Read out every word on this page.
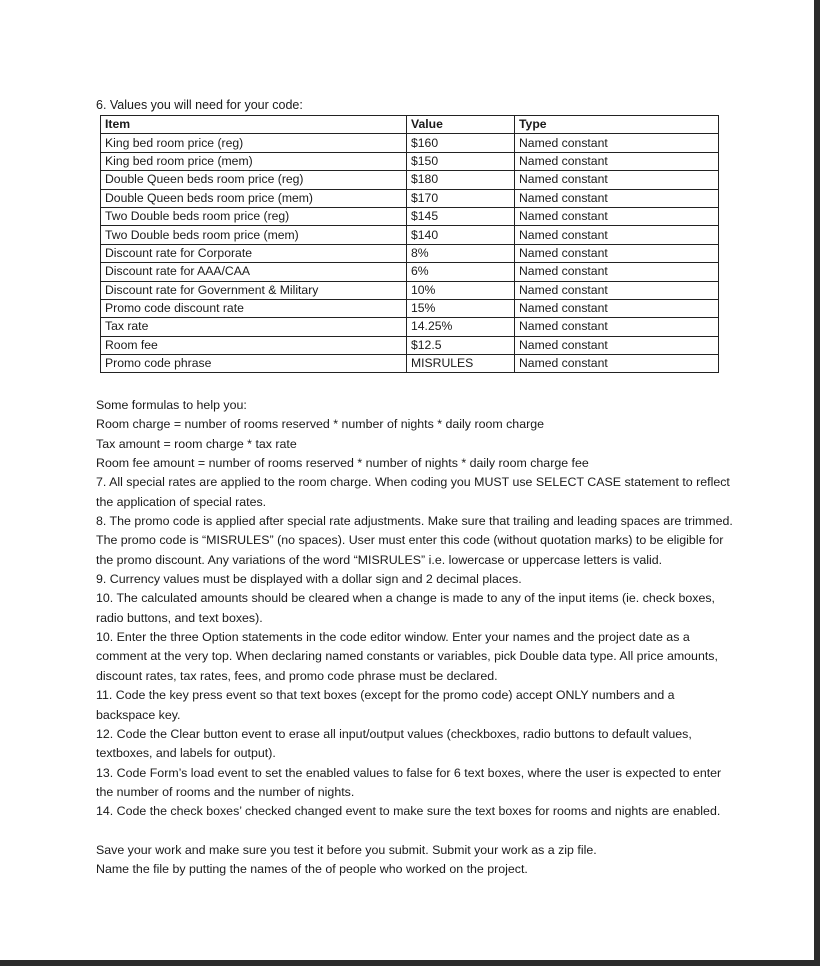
6. Values you will need for your code:
Item	Value	Type
King bed room price (reg)	$160	Named constant
King bed room price (mem)	$150	Named constant
Double Queen beds room price (reg)	$180	Named constant
Double Queen beds room price (mem)	$170	Named constant
Two Double beds room price (reg)	$145	Named constant
Two Double beds room price (mem)	$140	Named constant
Discount rate for Corporate	8%	Named constant
Discount rate for AAA/CAA	6%	Named constant
Discount rate for Government & Military	10%	Named constant
Promo code discount rate	15%	Named constant
Tax rate	14.25%	Named constant
Room fee	$12.5	Named constant
Promo code phrase	MISRULES	Named constant

Some formulas to help you:

Room charge = number of rooms reserved * number of nights * daily room charge

Tax amount = room charge * tax rate

Room fee amount = number of rooms reserved * number of nights * daily room charge fee

7. All special rates are applied to the room charge. When coding you MUST use SELECT CASE statement to reflect the application of special rates.

8. The promo code is applied after special rate adjustments. Make sure that trailing and leading spaces are trimmed. The promo code is “MISRULES” (no spaces). User must enter this code (without quotation marks) to be eligible for the promo discount. Any variations of the word “MISRULES” i.e. lowercase or uppercase letters is valid.

9. Currency values must be displayed with a dollar sign and 2 decimal places.

10. The calculated amounts should be cleared when a change is made to any of the input items (ie. check boxes, radio buttons, and text boxes).

10. Enter the three Option statements in the code editor window. Enter your names and the project date as a comment at the very top. When declaring named constants or variables, pick Double data type. All price amounts, discount rates, tax rates, fees, and promo code phrase must be declared.

11. Code the key press event so that text boxes (except for the promo code) accept ONLY numbers and a backspace key.

12. Code the Clear button event to erase all input/output values (checkboxes, radio buttons to default values, textboxes, and labels for output).

13. Code Form’s load event to set the enabled values to false for 6 text boxes, where the user is expected to enter the number of rooms and the number of nights.

14. Code the check boxes’ checked changed event to make sure the text boxes for rooms and nights are enabled.

Save your work and make sure you test it before you submit. Submit your work as a zip file.

Name the file by putting the names of the of people who worked on the project.
